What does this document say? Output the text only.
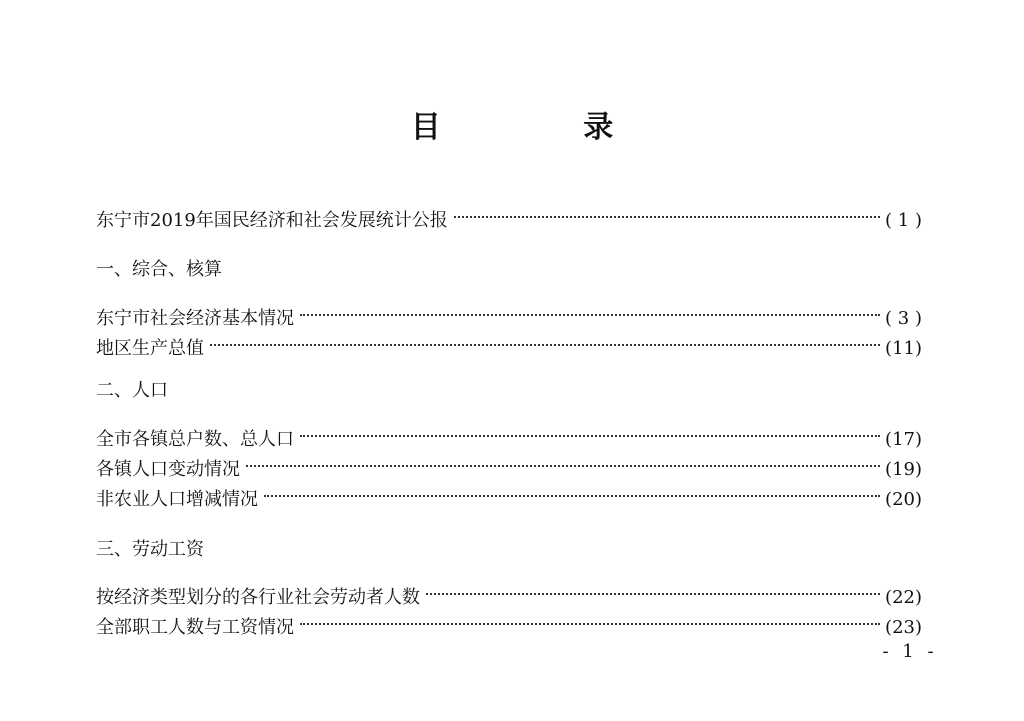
目 录
东宁市2019年国民经济和社会发展统计公报	( 1 )
一、综合、核算
东宁市社会经济基本情况	( 3 )
地区生产总值	(11)
二、人口
全市各镇总户数、总人口	(17)
各镇人口变动情况	(19)
非农业人口增减情况	(20)
三、劳动工资
按经济类型划分的各行业社会劳动者人数	(22)
全部职工人数与工资情况	(23)
- 1 -
